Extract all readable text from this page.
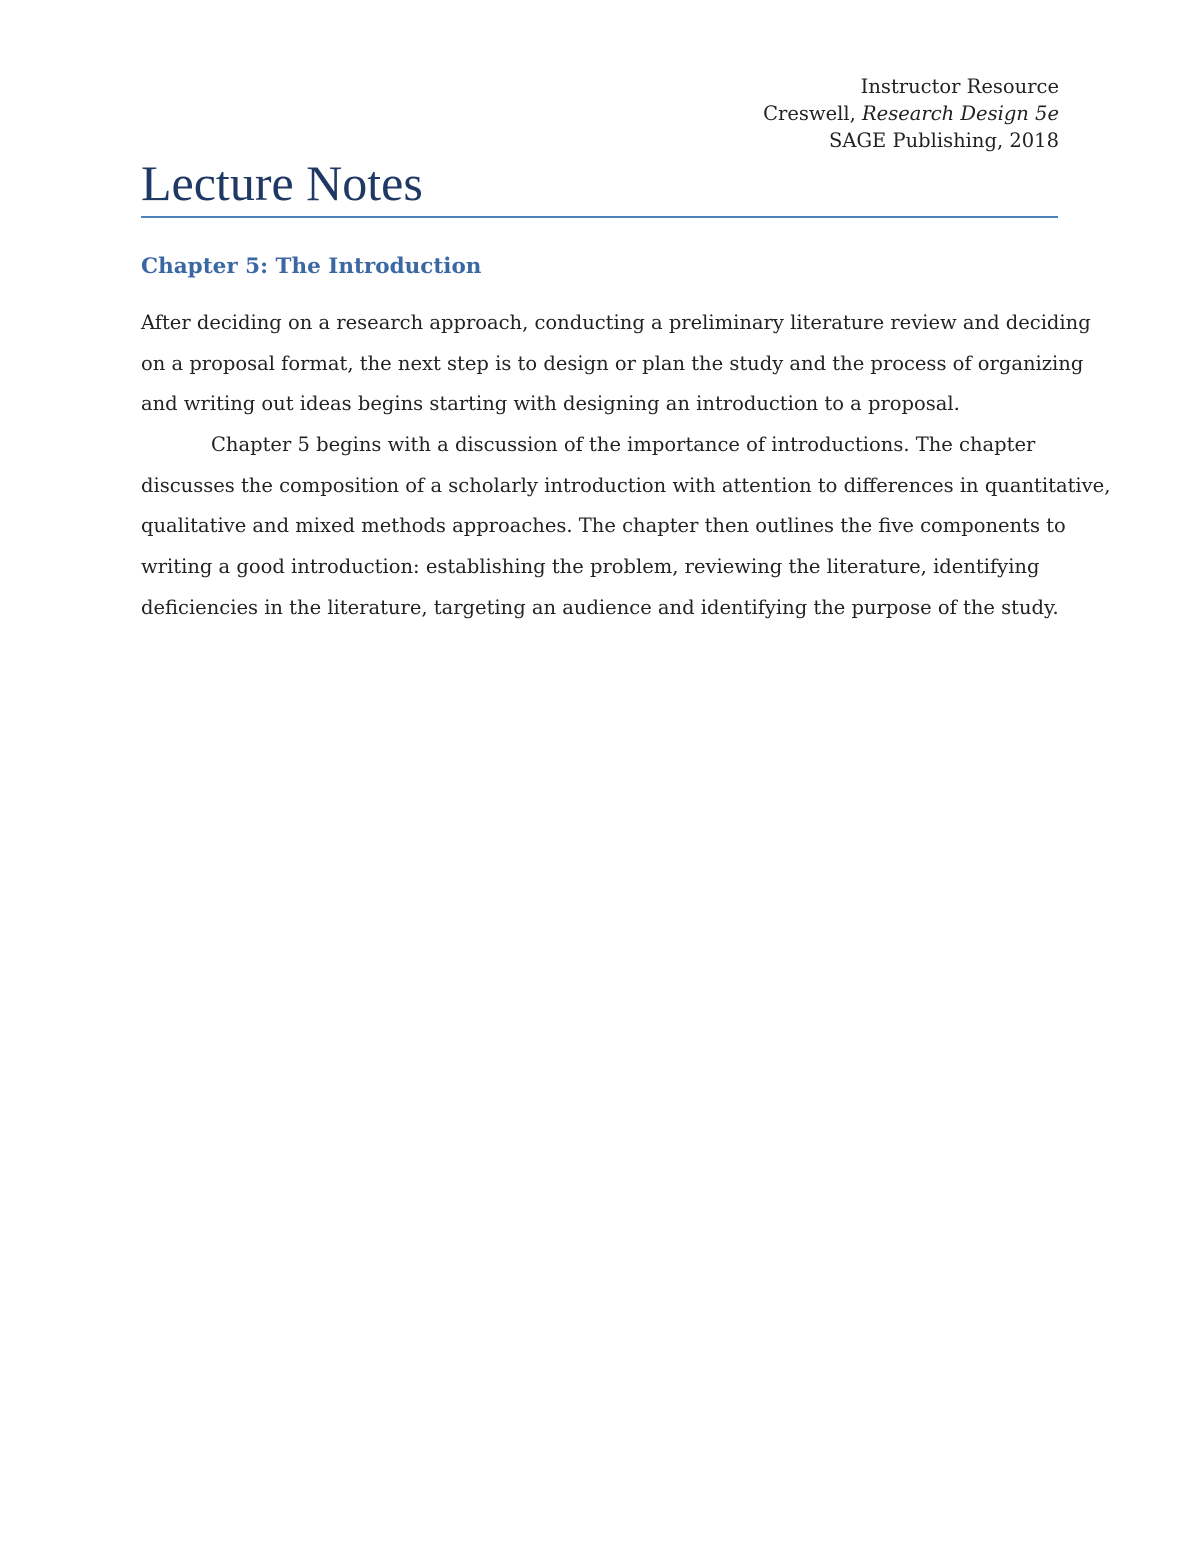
Instructor Resource
Creswell, Research Design 5e
SAGE Publishing, 2018
Lecture Notes
Chapter 5: The Introduction
After deciding on a research approach, conducting a preliminary literature review and deciding
on a proposal format, the next step is to design or plan the study and the process of organizing
and writing out ideas begins starting with designing an introduction to a proposal.
Chapter 5 begins with a discussion of the importance of introductions. The chapter
discusses the composition of a scholarly introduction with attention to differences in quantitative,
qualitative and mixed methods approaches. The chapter then outlines the five components to
writing a good introduction: establishing the problem, reviewing the literature, identifying
deficiencies in the literature, targeting an audience and identifying the purpose of the study.
